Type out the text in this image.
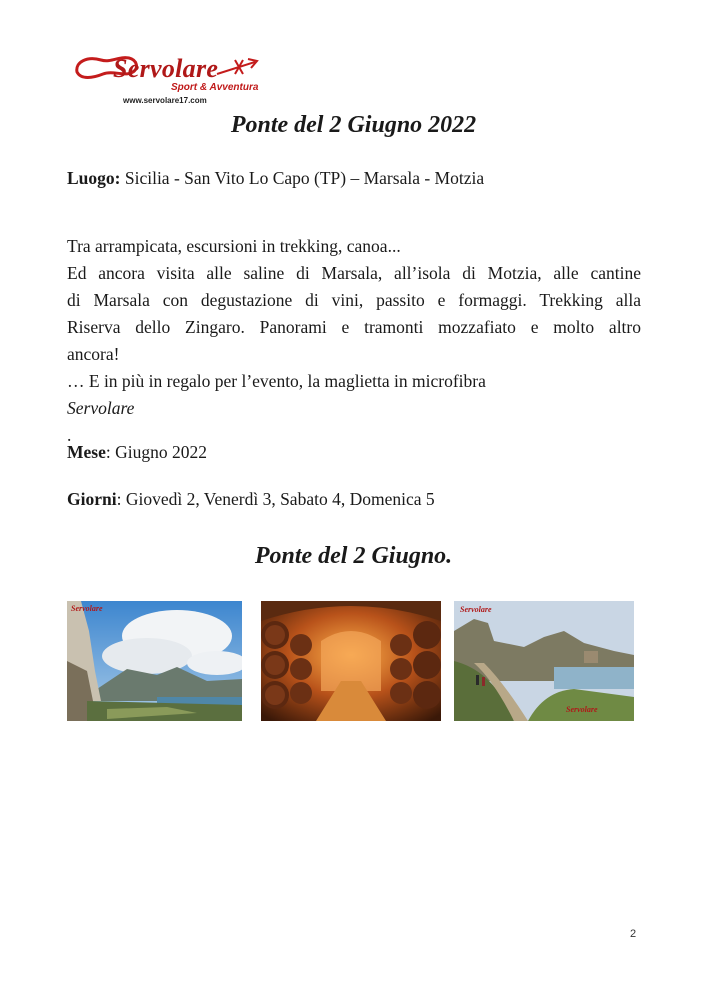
Servolare
Sport & Avventura
www.servolare17.com
Ponte del 2 Giugno 2022

Luogo: Sicilia - San Vito Lo Capo (TP) – Marsala - Motzia

Tra arrampicata, escursioni in trekking, canoa...
Ed ancora visita alle saline di Marsala, all’isola di Motzia, alle cantine
di Marsala con degustazione di vini, passito e formaggi. Trekking alla
Riserva dello Zingaro. Panorami e tramonti mozzafiato e molto altro
ancora!
… E in più in regalo per l’evento, la maglietta in microfibra
Servolare
.

Mese: Giugno 2022

Giorni: Giovedì 2, Venerdì 3, Sabato 4, Domenica 5

Ponte del 2 Giugno.
Servolare	Servolare
Servolare
2
